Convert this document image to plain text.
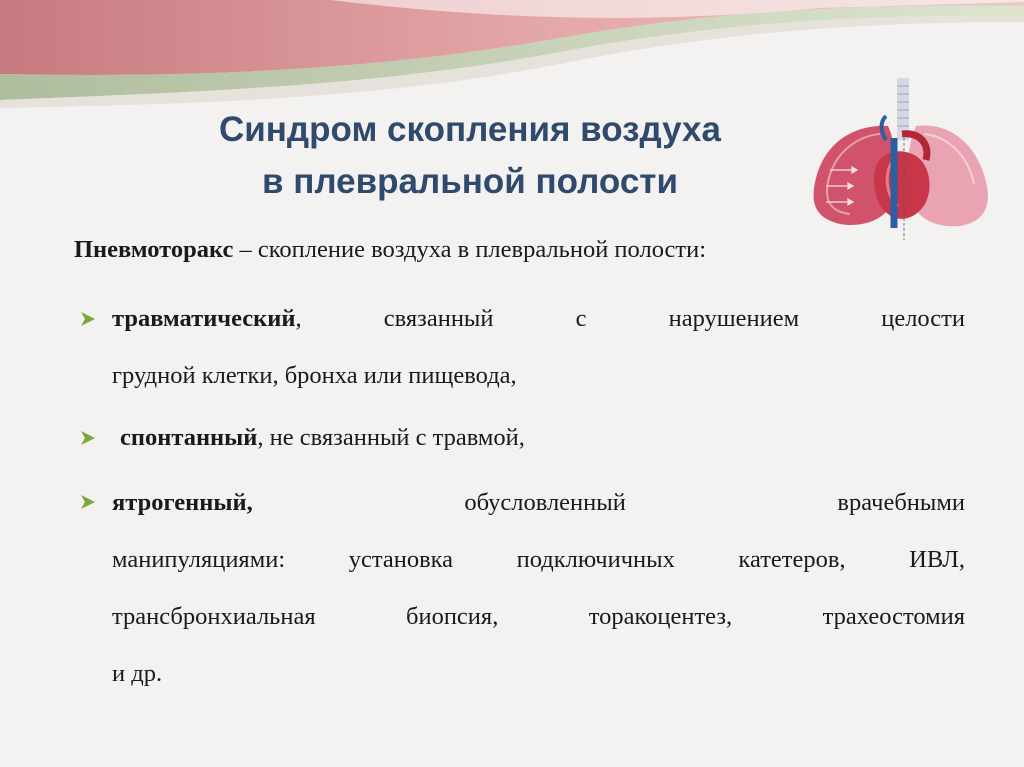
Синдром скопления воздуха
в плевральной полости
Пневмоторакс – скопление воздуха в плевральной полости:
травматический, связанный с нарушением целости
грудной клетки, бронха или пищевода,
спонтанный, не связанный с травмой,
ятрогенный, обусловленный врачебными
манипуляциями: установка подключичных катетеров, ИВЛ,
трансбронхиальная биопсия, торакоцентез, трахеостомия
и др.
